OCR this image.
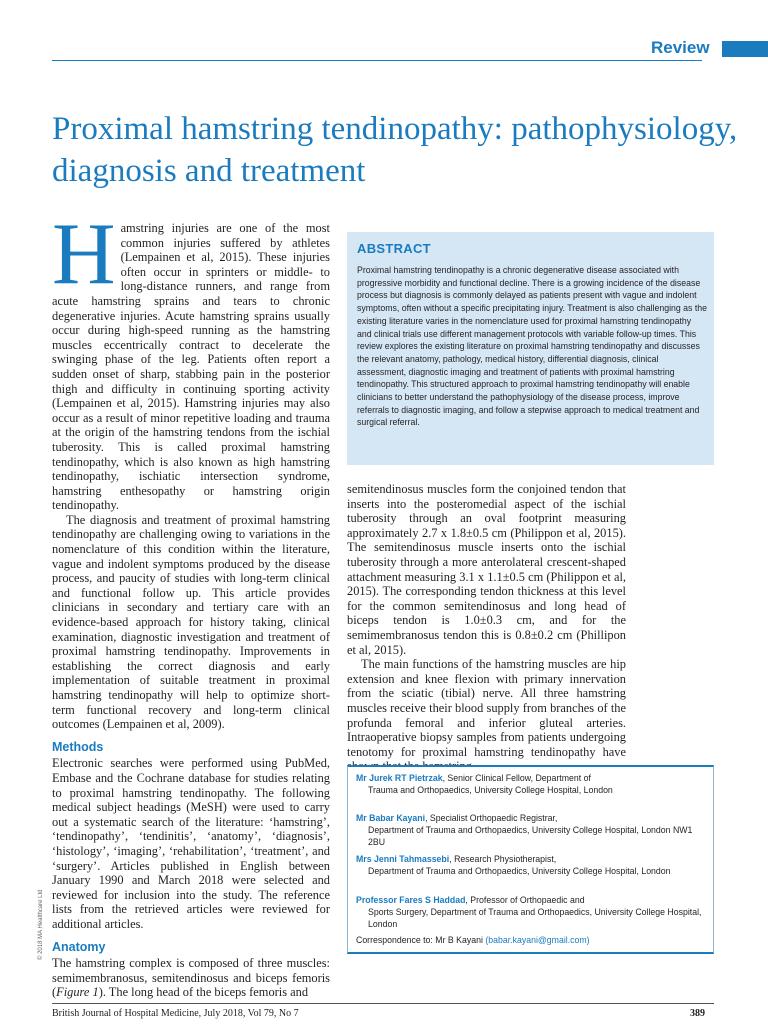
Review
Proximal hamstring tendinopathy: pathophysiology, diagnosis and treatment

Hamstring injuries are one of the most common injuries suffered by athletes (Lempainen et al, 2015). These injuries often occur in sprinters or middle- to long-distance runners, and range from acute hamstring sprains and tears to chronic degenerative injuries. Acute hamstring sprains usually occur during high-speed running as the hamstring muscles eccentrically contract to decelerate the swinging phase of the leg. Patients often report a sudden onset of sharp, stabbing pain in the posterior thigh and difficulty in continuing sporting activity (Lempainen et al, 2015). Hamstring injuries may also occur as a result of minor repetitive loading and trauma at the origin of the hamstring tendons from the ischial tuberosity. This is called proximal hamstring tendinopathy, which is also known as high hamstring tendinopathy, ischiatic intersection syndrome, hamstring enthesopathy or hamstring origin tendinopathy.

The diagnosis and treatment of proximal hamstring tendinopathy are challenging owing to variations in the nomenclature of this condition within the literature, vague and indolent symptoms produced by the disease process, and paucity of studies with long-term clinical and functional follow up. This article provides clinicians in secondary and tertiary care with an evidence-based approach for history taking, clinical examination, diagnostic investigation and treatment of proximal hamstring tendinopathy. Improvements in establishing the correct diagnosis and early implementation of suitable treatment in proximal hamstring tendinopathy will help to optimize short-term functional recovery and long-term clinical outcomes (Lempainen et al, 2009).

Methods

Electronic searches were performed using PubMed, Embase and the Cochrane database for studies relating to proximal hamstring tendinopathy. The following medical subject headings (MeSH) were used to carry out a systematic search of the literature: ‘hamstring’, ‘tendinopathy’, ‘tendinitis’, ‘anatomy’, ‘diagnosis’, ‘histology’, ‘imaging’, ‘rehabilitation’, ‘treatment’, and ‘surgery’. Articles published in English between January 1990 and March 2018 were selected and reviewed for inclusion into the study. The reference lists from the retrieved articles were reviewed for additional articles.

Anatomy

The hamstring complex is composed of three muscles: semimembranosus, semitendinosus and biceps femoris (Figure 1). The long head of the biceps femoris and

ABSTRACT

Proximal hamstring tendinopathy is a chronic degenerative disease associated with progressive morbidity and functional decline. There is a growing incidence of the disease process but diagnosis is commonly delayed as patients present with vague and indolent symptoms, often without a specific precipitating injury. Treatment is also challenging as the existing literature varies in the nomenclature used for proximal hamstring tendinopathy and clinical trials use different management protocols with variable follow-up times. This review explores the existing literature on proximal hamstring tendinopathy and discusses the relevant anatomy, pathology, medical history, differential diagnosis, clinical assessment, diagnostic imaging and treatment of patients with proximal hamstring tendinopathy. This structured approach to proximal hamstring tendinopathy will enable clinicians to better understand the pathophysiology of the disease process, improve referrals to diagnostic imaging, and follow a stepwise approach to medical treatment and surgical referral.

semitendinosus muscles form the conjoined tendon that inserts into the posteromedial aspect of the ischial tuberosity through an oval footprint measuring approximately 2.7 x 1.8±0.5 cm (Philippon et al, 2015). The semitendinosus muscle inserts onto the ischial tuberosity through a more anterolateral crescent-shaped attachment measuring 3.1 x 1.1±0.5 cm (Philippon et al, 2015). The corresponding tendon thickness at this level for the common semitendinosus and long head of biceps tendon is 1.0±0.3 cm, and for the semimembranosus tendon this is 0.8±0.2 cm (Phillipon et al, 2015).

The main functions of the hamstring muscles are hip extension and knee flexion with primary innervation from the sciatic (tibial) nerve. All three hamstring muscles receive their blood supply from branches of the profunda femoral and inferior gluteal arteries. Intraoperative biopsy samples from patients undergoing tenotomy for proximal hamstring tendinopathy have

Mr Jurek RT Pietrzak, Senior Clinical Fellow, Department of
Trauma and Orthopaedics, University College Hospital, London

Mr Babar Kayani, Specialist Orthopaedic Registrar,
Department of Trauma and Orthopaedics, University College Hospital, London NW1 2BU

Mrs Jenni Tahmassebi, Research Physiotherapist,
Department of Trauma and Orthopaedics, University College Hospital, London

Professor Fares S Haddad, Professor of Orthopaedic and
Sports Surgery, Department of Trauma and Orthopaedics, University College Hospital, London

Correspondence to: Mr B Kayani (babar.kayani@gmail.com)

© 2018 MA Healthcare Ltd
British Journal of Hospital Medicine, July 2018, Vol 79, No 7	389
